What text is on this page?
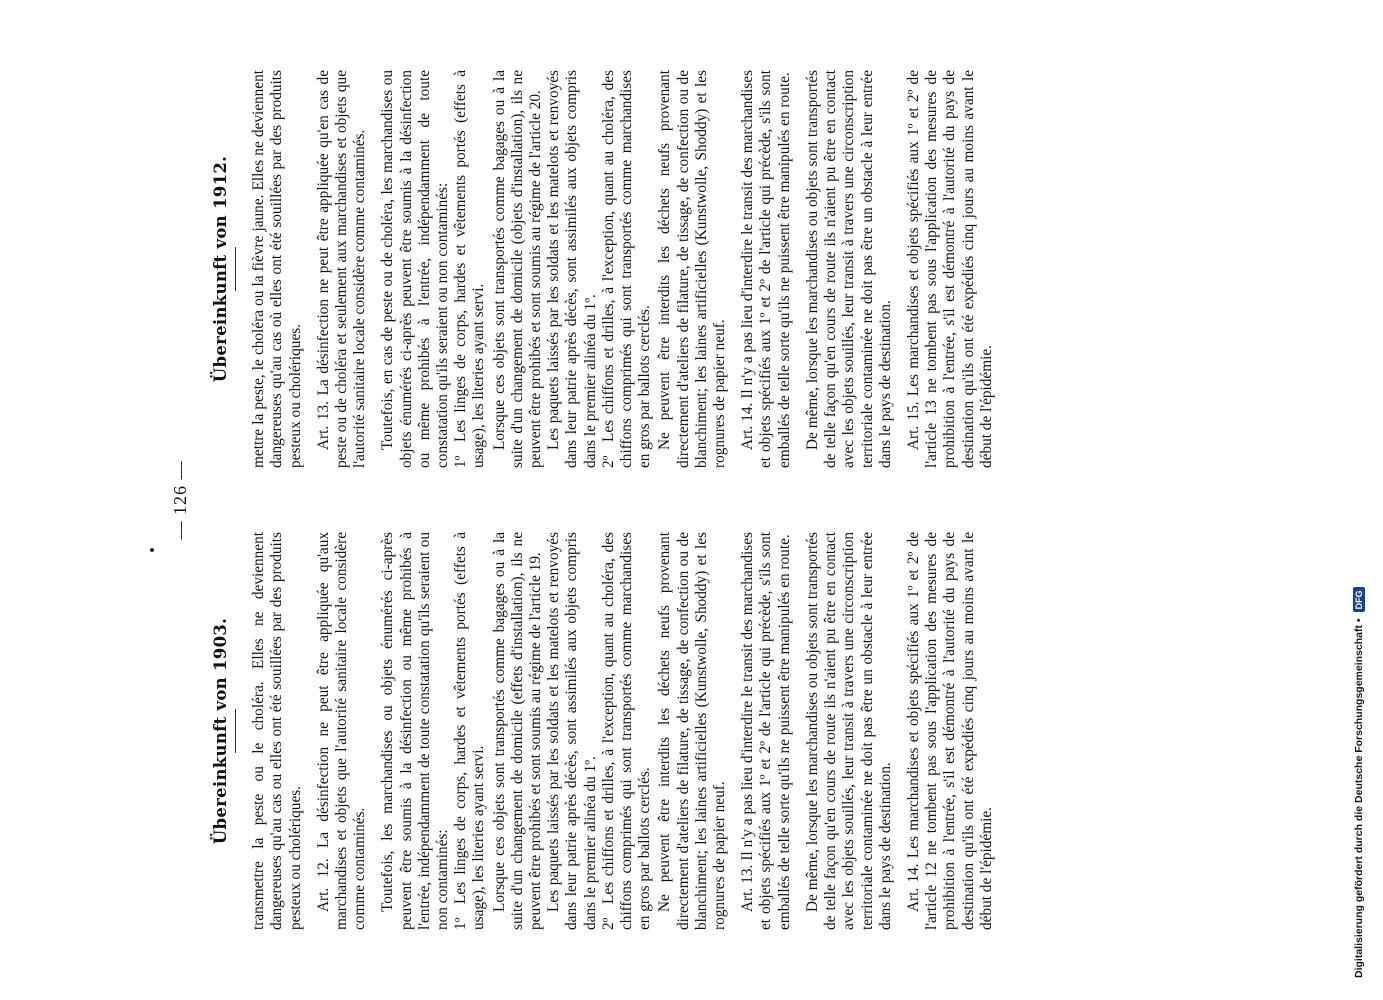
— 126 —
Übereinkunft von 1903. transmettre la peste ou le choléra. Elles ne deviennent dangereuses qu'au cas ou elles ont été souillées par des produits pesteux ou cholériques. Art. 12. La désinfection ne peut être appliquée qu'aux marchandises et objets que l'autorité sanitaire locale considère comme contaminés. Toutefois, les marchandises ou objets énumérés ci-après peuvent être soumis à la désinfection ou même prohibés à l'entrée, indépendamment de toute constatation qu'ils seraient ou non contaminés: 1ºLes linges de corps, hardes et vêtements portés (effets à usage), les literies ayant servi. Lorsque ces objets sont transportés comme bagages ou à la suite d'un changement de domicile (effets d'installation), ils ne peuvent être prohibés et sont soumis au régime de l'article 19. Les paquets laissés par les soldats et les matelots et renvoyés dans leur patrie après décès, sont assimilés aux objets compris dans le premier alinéa du 1º. 2ºLes chiffons et drilles, à l'exception, quant au choléra, des chiffons comprimés qui sont transportés comme marchandises en gros par ballots cerclés. Ne peuvent être interdits les déchets neufs provenant directement d'ateliers de filature, de tissage, de confection ou de blanchiment; les laines artificielles (Kunstwolle, Shoddy) et les rognures de papier neuf. Art. 13. Il n'y a pas lieu d'interdire le transit des marchandises et objets spécifiés aux 1º et 2º de l'article qui précède, s'ils sont emballés de telle sorte qu'ils ne puissent être manipulés en route. De même, lorsque les marchandises ou objets sont transportés de telle façon qu'en cours de route ils n'aient pu être en contact avec les objets souillés, leur transit à travers une circonscription territoriale contaminée ne doit pas être un obstacle à leur entrée dans le pays de destination. Art. 14. Les marchandises et objets spécifiés aux 1º et 2º de l'article 12 ne tombent pas sous l'application des mesures de prohibition à l'entrée, s'il est démontré à l'autorité du pays de destination qu'ils ont été expédiés cinq jours au moins avant le début de l'épidémie.

Übereinkunft von 1912. mettre la peste, le choléra ou la fièvre jaune. Elles ne deviennent dangereuses qu'au cas où elles ont été souillées par des produits pesteux ou cholériques. Art. 13. La désinfection ne peut être appliquée qu'en cas de peste ou de choléra et seulement aux marchandises et objets que l'autorité sanitaire locale considère comme contaminés. Toutefois, en cas de peste ou de choléra, les marchandises ou objets énumérés ci-après peuvent être soumis à la désinfection ou même prohibés à l'entrée, indépendamment de toute constatation qu'ils seraient ou non contaminés: 1ºLes linges de corps, hardes et vêtements portés (effets à usage), les literies ayant servi. Lorsque ces objets sont transportés comme bagages ou à la suite d'un changement de domicile (objets d'installation), ils ne peuvent être prohibés et sont soumis au régime de l'article 20. Les paquets laissés par les soldats et les matelots et renvoyés dans leur patrie après décès, sont assimilés aux objets compris dans le premier alinéa du 1º. 2ºLes chiffons et drilles, à l'exception, quant au choléra, des chiffons comprimés qui sont transportés comme marchandises en gros par ballots cerclés. Ne peuvent être interdits les déchets neufs provenant directement d'ateliers de filature, de tissage, de confection ou de blanchiment; les laines artificielles (Kunstwolle, Shoddy) et les rognures de papier neuf. Art. 14. Il n'y a pas lieu d'interdire le transit des marchandises et objets spécifiés aux 1º et 2º de l'article qui précède, s'ils sont emballés de telle sorte qu'ils ne puissent être manipulés en route. De même, lorsque les marchandises ou objets sont transportés de telle façon qu'en cours de route ils n'aient pu être en contact avec les objets souillés, leur transit à travers une circonscription territoriale contaminée ne doit pas être un obstacle à leur entrée dans le pays de destination. Art. 15. Les marchandises et objets spécifiés aux 1º et 2º de l'article 13 ne tombent pas sous l'application des mesures de prohibition à l'entrée, s'il est démontré à l'autorité du pays de destination qu'ils ont été expédiés cinq jours au moins avant le début de l'épidémie.

Digitalisierung gefördert durch die Deutsche Forschungsgemeinschaft •
DFG
